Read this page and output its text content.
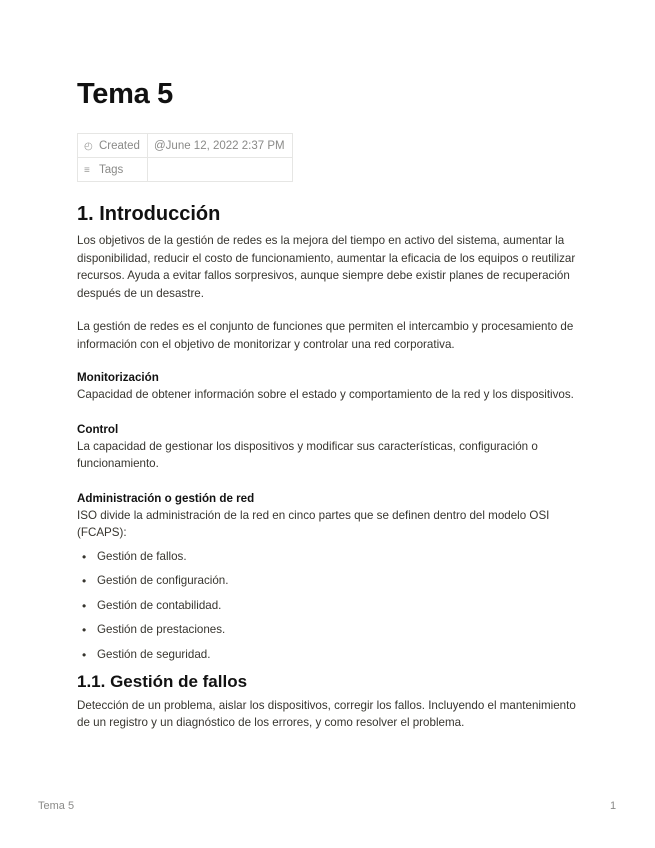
Tema 5
◴ Created	@June 12, 2022 2:37 PM
≡ Tags	
1. Introducción

Los objetivos de la gestión de redes es la mejora del tiempo en activo del sistema, aumentar la disponibilidad, reducir el costo de funcionamiento, aumentar la eficacia de los equipos o reutilizar recursos. Ayuda a evitar fallos sorpresivos, aunque siempre debe existir planes de recuperación después de un desastre.

La gestión de redes es el conjunto de funciones que permiten el intercambio y procesamiento de información con el objetivo de monitorizar y controlar una red corporativa.

Monitorización

Capacidad de obtener información sobre el estado y comportamiento de la red y los dispositivos.

Control

La capacidad de gestionar los dispositivos y modificar sus características, configuración o funcionamiento.

Administración o gestión de red

ISO divide la administración de la red en cinco partes que se definen dentro del modelo OSI (FCAPS):

• Gestión de fallos.
• Gestión de configuración.
• Gestión de contabilidad.
• Gestión de prestaciones.
• Gestión de seguridad.
1.1. Gestión de fallos

Detección de un problema, aislar los dispositivos, corregir los fallos. Incluyendo el mantenimiento de un registro y un diagnóstico de los errores, y como resolver el problema.

Tema 5	1
